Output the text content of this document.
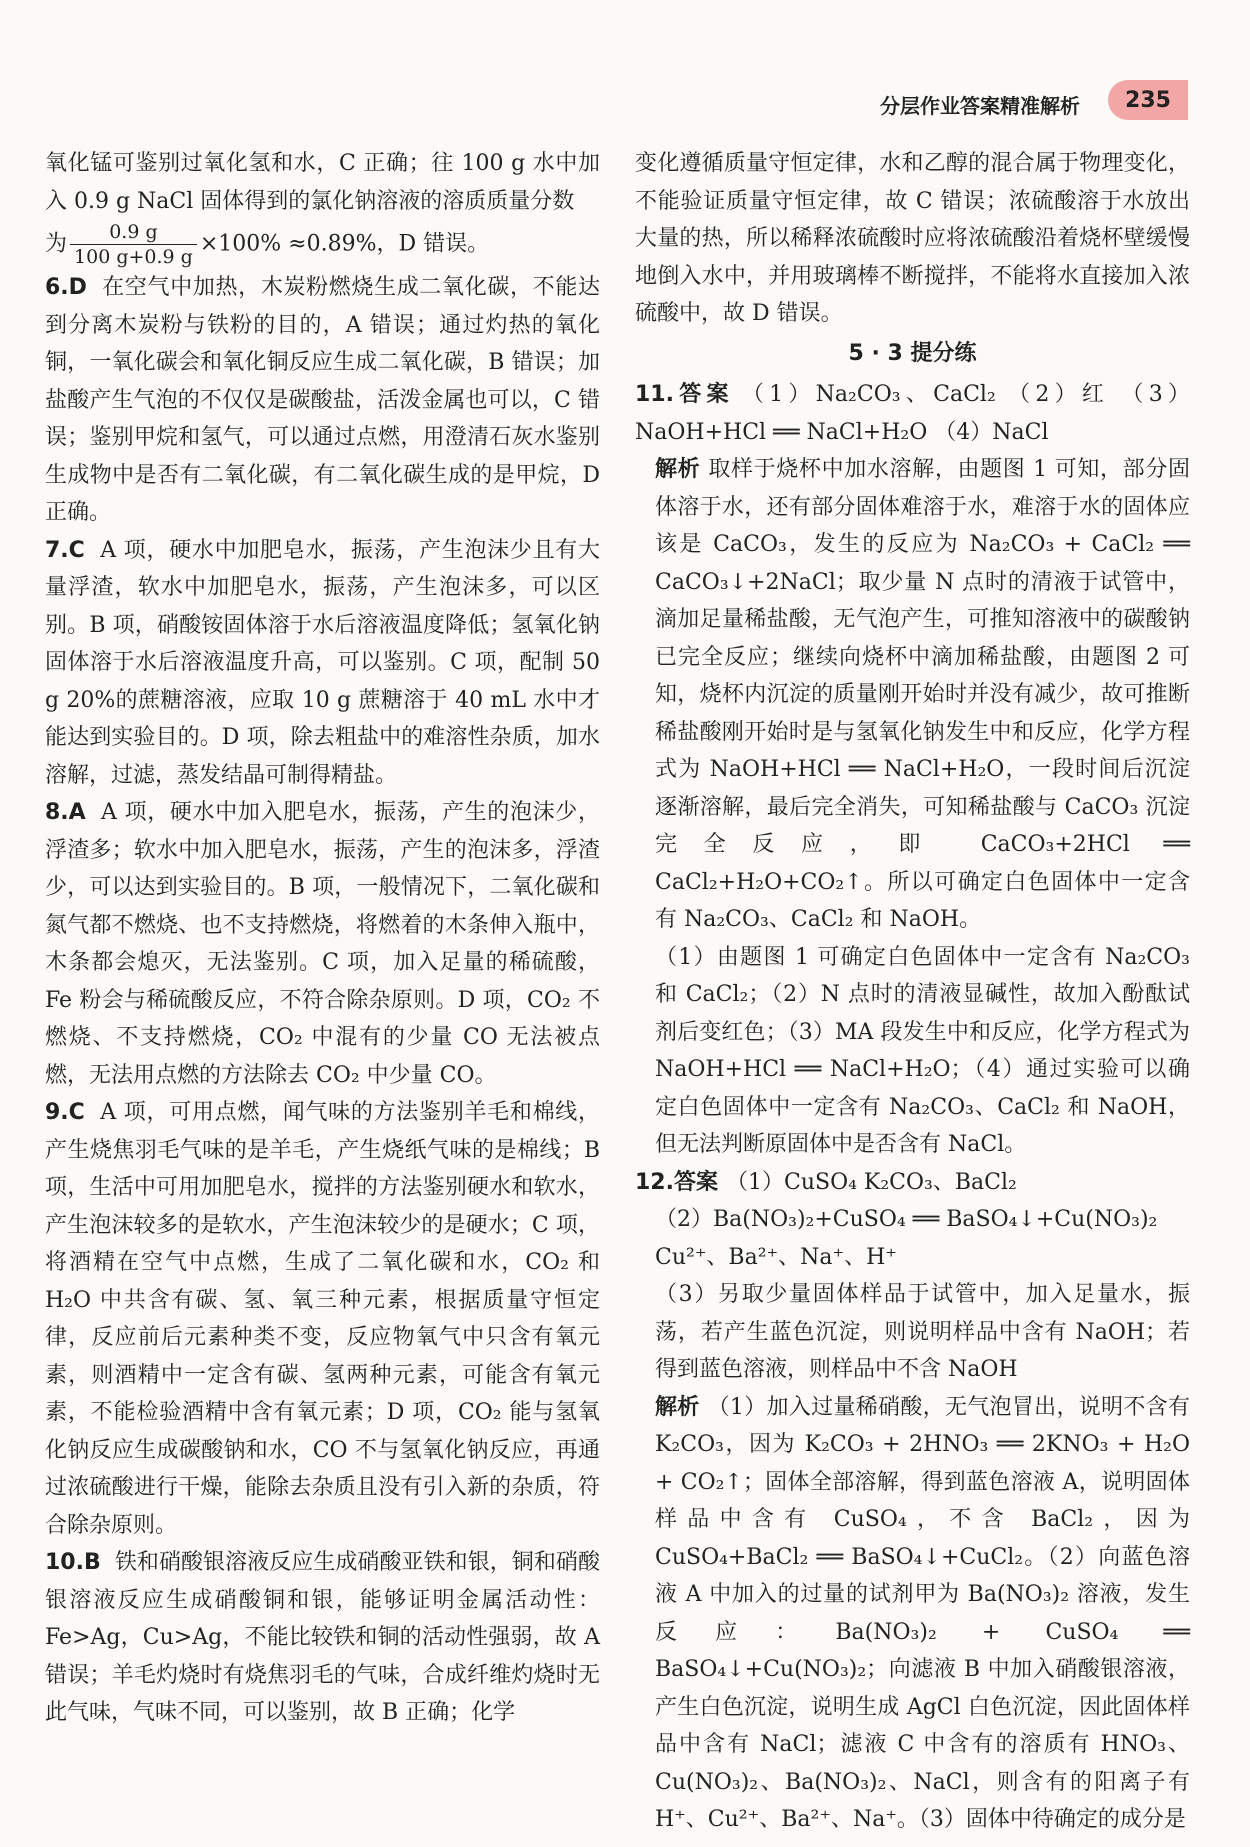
分层作业答案精准解析	235

氧化锰可鉴别过氧化氢和水，C 正确；往 100 g 水中加入 0.9 g NaCl 固体得到的氯化钠溶液的溶质质量分数
为 $\frac{0.9 g}{100 g+0.9 g} \times 100\% \approx 0.89\%$，D 错误。

6.D 在空气中加热，木炭粉燃烧生成二氧化碳，不能达到分离木炭粉与铁粉的目的，A 错误；通过灼热的氧化铜，一氧化碳会和氧化铜反应生成二氧化碳，B 错误；加盐酸产生气泡的不仅仅是碳酸盐，活泼金属也可以，C 错误；鉴别甲烷和氢气，可以通过点燃，用澄清石灰水鉴别生成物中是否有二氧化碳，有二氧化碳生成的是甲烷，D 正确。

7.C A 项，硬水中加肥皂水，振荡，产生泡沫少且有大量浮渣，软水中加肥皂水，振荡，产生泡沫多，可以区别。B 项，硝酸铵固体溶于水后溶液温度降低；氢氧化钠固体溶于水后溶液温度升高，可以鉴别。C 项，配制 50 g 20%的蔗糖溶液，应取 10 g 蔗糖溶于 40 mL 水中才能达到实验目的。D 项，除去粗盐中的难溶性杂质，加水溶解，过滤，蒸发结晶可制得精盐。

8.A A 项，硬水中加入肥皂水，振荡，产生的泡沫少，浮渣多；软水中加入肥皂水，振荡，产生的泡沫多，浮渣少，可以达到实验目的。B 项，一般情况下，二氧化碳和氮气都不燃烧、也不支持燃烧，将燃着的木条伸入瓶中，木条都会熄灭，无法鉴别。C 项，加入足量的稀硫酸，Fe 粉会与稀硫酸反应，不符合除杂原则。D 项，CO₂ 不燃烧、不支持燃烧，CO₂ 中混有的少量 CO 无法被点燃，无法用点燃的方法除去 CO₂ 中少量 CO。

9.C A 项，可用点燃，闻气味的方法鉴别羊毛和棉线，产生烧焦羽毛气味的是羊毛，产生烧纸气味的是棉线；B 项，生活中可用加肥皂水，搅拌的方法鉴别硬水和软水，产生泡沫较多的是软水，产生泡沫较少的是硬水；C 项，将酒精在空气中点燃，生成了二氧化碳和水，CO₂ 和 H₂O 中共含有碳、氢、氧三种元素，根据质量守恒定律，反应前后元素种类不变，反应物氧气中只含有氧元素，则酒精中一定含有碳、氢两种元素，可能含有氧元素，不能检验酒精中含有氧元素；D 项，CO₂ 能与氢氧化钠反应生成碳酸钠和水，CO 不与氢氧化钠反应，再通过浓硫酸进行干燥，能除去杂质且没有引入新的杂质，符合除杂原则。

10.B 铁和硝酸银溶液反应生成硝酸亚铁和银，铜和硝酸银溶液反应生成硝酸铜和银，能够证明金属活动性：Fe>Ag，Cu>Ag，不能比较铁和铜的活动性强弱，故 A 错误；羊毛灼烧时有烧焦羽毛的气味，合成纤维灼烧时无此气味，气味不同，可以鉴别，故 B 正确；化学

变化遵循质量守恒定律，水和乙醇的混合属于物理变化，不能验证质量守恒定律，故 C 错误；浓硫酸溶于水放出大量的热，所以稀释浓硫酸时应将浓硫酸沿着烧杯壁缓慢地倒入水中，并用玻璃棒不断搅拌，不能将水直接加入浓硫酸中，故 D 错误。

5 · 3 提分练

11.答案 （1）Na₂CO₃、CaCl₂ （2）红 （3）NaOH+HCl ══ NaCl+H₂O （4）NaCl

解析 取样于烧杯中加水溶解，由题图 1 可知，部分固体溶于水，还有部分固体难溶于水，难溶于水的固体应该是 CaCO₃，发生的反应为 Na₂CO₃ + CaCl₂ ══ CaCO₃↓+2NaCl；取少量 N 点时的清液于试管中，滴加足量稀盐酸，无气泡产生，可推知溶液中的碳酸钠已完全反应；继续向烧杯中滴加稀盐酸，由题图 2 可知，烧杯内沉淀的质量刚开始时并没有减少，故可推断稀盐酸刚开始时是与氢氧化钠发生中和反应，化学方程式为 NaOH+HCl ══ NaCl+H₂O，一段时间后沉淀逐渐溶解，最后完全消失，可知稀盐酸与 CaCO₃ 沉淀完全反应，即 CaCO₃+2HCl ══ CaCl₂+H₂O+CO₂↑。所以可确定白色固体中一定含有 Na₂CO₃、CaCl₂ 和 NaOH。

（1）由题图 1 可确定白色固体中一定含有 Na₂CO₃ 和 CaCl₂；（2）N 点时的清液显碱性，故加入酚酞试剂后变红色；（3）MA 段发生中和反应，化学方程式为 NaOH+HCl ══ NaCl+H₂O；（4）通过实验可以确定白色固体中一定含有 Na₂CO₃、CaCl₂ 和 NaOH，但无法判断原固体中是否含有 NaCl。

12.答案 （1）CuSO₄ K₂CO₃、BaCl₂

（2）Ba(NO₃)₂+CuSO₄ ══ BaSO₄↓+Cu(NO₃)₂

Cu²⁺、Ba²⁺、Na⁺、H⁺

（3）另取少量固体样品于试管中，加入足量水，振荡，若产生蓝色沉淀，则说明样品中含有 NaOH；若得到蓝色溶液，则样品中不含 NaOH

解析 （1）加入过量稀硝酸，无气泡冒出，说明不含有 K₂CO₃，因为 K₂CO₃ + 2HNO₃ ══ 2KNO₃ + H₂O + CO₂↑；固体全部溶解，得到蓝色溶液 A，说明固体样品中含有 CuSO₄，不含 BaCl₂，因为 CuSO₄+BaCl₂ ══ BaSO₄↓+CuCl₂。（2）向蓝色溶液 A 中加入的过量的试剂甲为 Ba(NO₃)₂ 溶液，发生反应：Ba(NO₃)₂ + CuSO₄ ══ BaSO₄↓+Cu(NO₃)₂；向滤液 B 中加入硝酸银溶液，产生白色沉淀，说明生成 AgCl 白色沉淀，因此固体样品中含有 NaCl；滤液 C 中含有的溶质有 HNO₃、Cu(NO₃)₂、Ba(NO₃)₂、NaCl，则含有的阳离子有 H⁺、Cu²⁺、Ba²⁺、Na⁺。（3）固体中待确定的成分是
